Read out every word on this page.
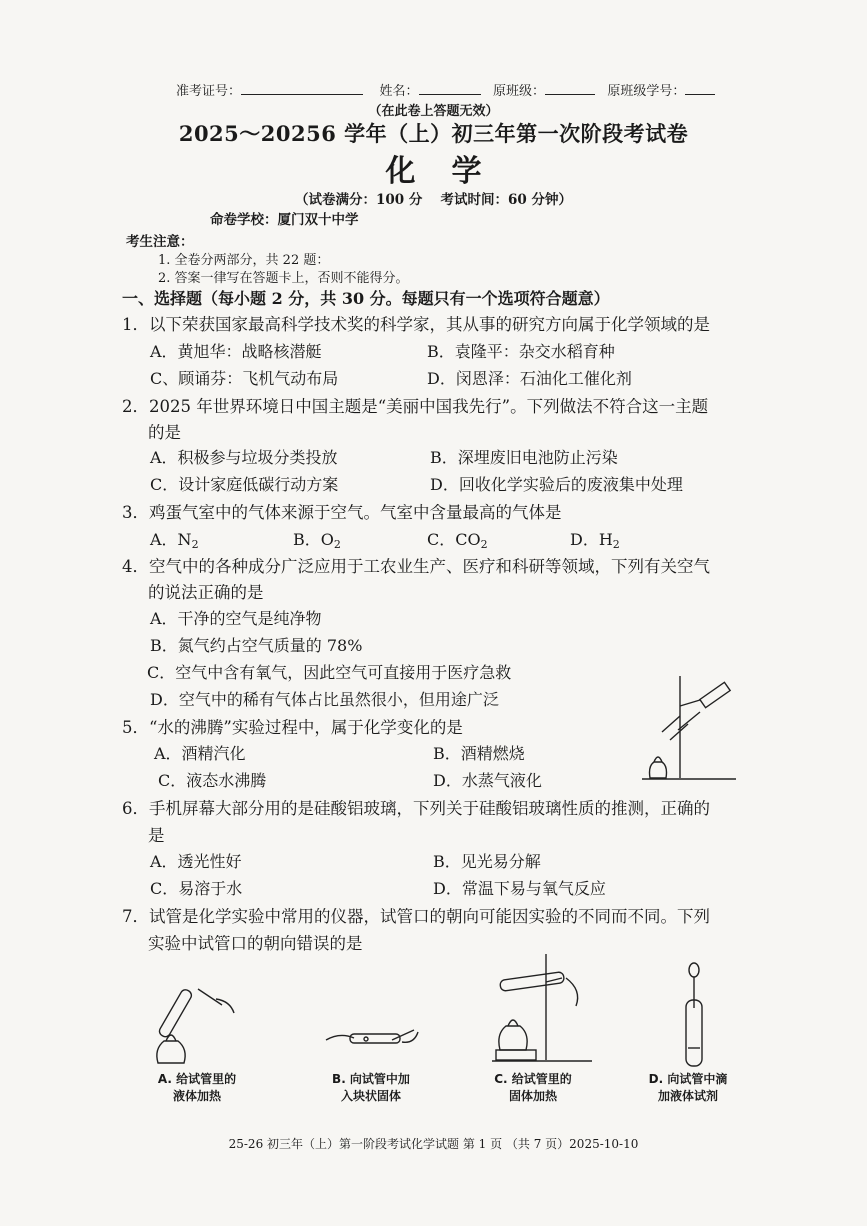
准考证号：	姓名：	原班级：	原班级学号：
（在此卷上答题无效）
2025～20256 学年（上）初三年第一次阶段考试卷
化学
（试卷满分：100 分　 考试时间：60 分钟）
命卷学校：厦门双十中学
考生注意：
1. 全卷分两部分，共 22 题：
2. 答案一律写在答题卡上，否则不能得分。
一、选择题（每小题 2 分，共 30 分。每题只有一个选项符合题意）
1．以下荣获国家最高科学技术奖的科学家，其从事的研究方向属于化学领域的是
A．黄旭华：战略核潜艇	B．袁隆平：杂交水稻育种
C、顾诵芬：飞机气动布局	D．闵恩泽：石油化工催化剂
2．2025 年世界环境日中国主题是“美丽中国我先行”。下列做法不符合这一主题
的是
A．积极参与垃圾分类投放	B．深埋废旧电池防止污染
C．设计家庭低碳行动方案	D．回收化学实验后的废液集中处理
3．鸡蛋气室中的气体来源于空气。气室中含量最高的气体是
A．$N_2$	B．$O_2$	C．$CO_2$	D．$H_2$
4．空气中的各种成分广泛应用于工农业生产、医疗和科研等领域，下列有关空气
的说法正确的是
A．干净的空气是纯净物
B．氮气约占空气质量的 78%
C．空气中含有氧气，因此空气可直接用于医疗急救
D．空气中的稀有气体占比虽然很小，但用途广泛
5．“水的沸腾”实验过程中，属于化学变化的是
A．酒精汽化	B．酒精燃烧
C．液态水沸腾	D．水蒸气液化
6．手机屏幕大部分用的是硅酸铝玻璃，下列关于硅酸铝玻璃性质的推测，正确的
是
A．透光性好	B．见光易分解
C．易溶于水	D．常温下易与氧气反应
7．试管是化学实验中常用的仪器，试管口的朝向可能因实验的不同而不同。下列
实验中试管口的朝向错误的是
A. 给试管里的
液体加热
B. 向试管中加
入块状固体
C. 给试管里的
固体加热
D. 向试管中滴
加液体试剂
25-26 初三年（上）第一阶段考试化学试题 第 1 页 （共 7 页）2025-10-10
